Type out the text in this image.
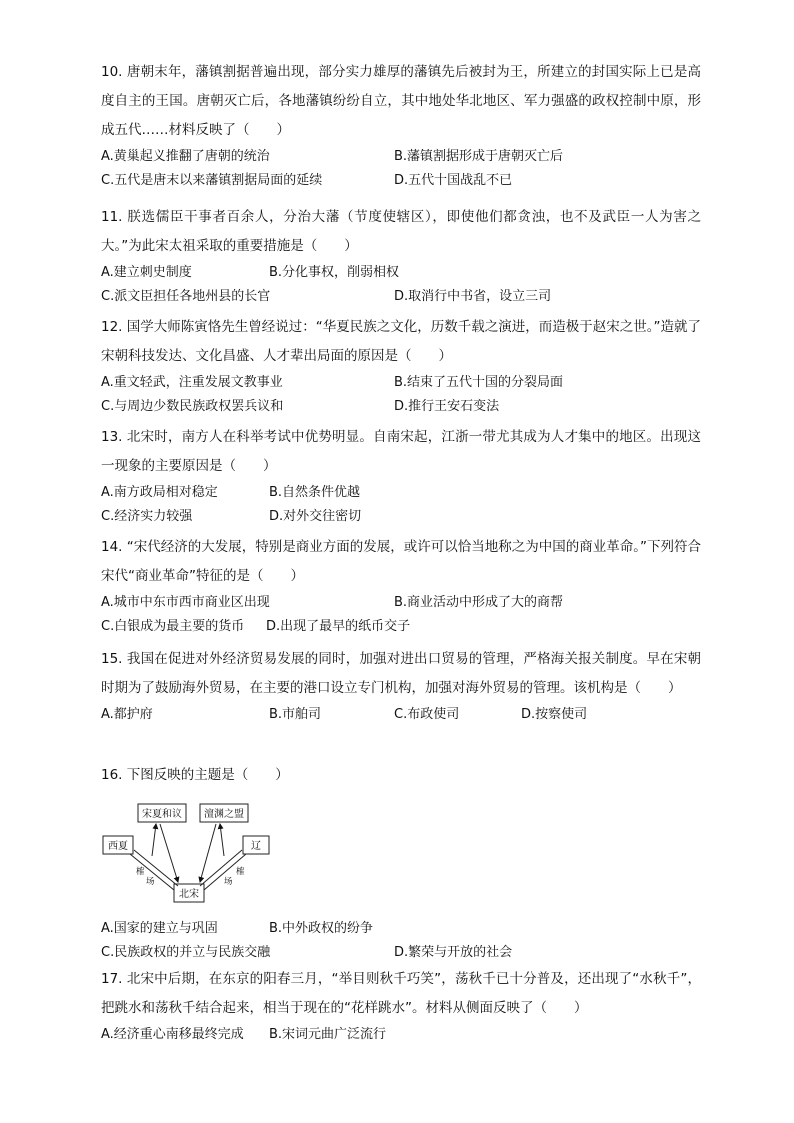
10. 唐朝末年，藩镇割据普遍出现，部分实力雄厚的藩镇先后被封为王，所建立的封国实际上已是高度自主的王国。唐朝灭亡后，各地藩镇纷纷自立，其中地处华北地区、军力强盛的政权控制中原，形成五代……材料反映了（　　）

A.黄巢起义推翻了唐朝的统治	B.藩镇割据形成于唐朝灭亡后
C.五代是唐末以来藩镇割据局面的延续	D.五代十国战乱不已

11. 朕选儒臣干事者百余人，分治大藩（节度使辖区），即使他们都贪浊，也不及武臣一人为害之大。”为此宋太祖采取的重要措施是（　　）

A.建立刺史制度	B.分化事权，削弱相权
C.派文臣担任各地州县的长官	D.取消行中书省，设立三司

12. 国学大师陈寅恪先生曾经说过：“华夏民族之文化，历数千载之演进，而造极于赵宋之世。”造就了宋朝科技发达、文化昌盛、人才辈出局面的原因是（　　）

A.重文轻武，注重发展文教事业	B.结束了五代十国的分裂局面
C.与周边少数民族政权罢兵议和	D.推行王安石变法

13. 北宋时，南方人在科举考试中优势明显。自南宋起，江浙一带尤其成为人才集中的地区。出现这一现象的主要原因是（　　）

A.南方政局相对稳定	B.自然条件优越
C.经济实力较强	D.对外交往密切

14. “宋代经济的大发展，特别是商业方面的发展，或许可以恰当地称之为中国的商业革命。”下列符合宋代“商业革命”特征的是（　　）

A.城市中东市西市商业区出现	B.商业活动中形成了大的商帮
C.白银成为最主要的货币 D.出现了最早的纸币交子

15. 我国在促进对外经济贸易发展的同时，加强对进出口贸易的管理，严格海关报关制度。早在宋朝时期为了鼓励海外贸易，在主要的港口设立专门机构，加强对海外贸易的管理。该机构是（　　）

A.都护府	B.市舶司	C.布政使司	D.按察使司

16. 下图反映的主题是（　　）

宋夏和议 澶渊之盟
西夏	辽
北宋
榷
场
榷
场
A.国家的建立与巩固	B.中外政权的纷争
C.民族政权的并立与民族交融	D.繁荣与开放的社会

17. 北宋中后期，在东京的阳春三月，“举目则秋千巧笑”，荡秋千已十分普及，还出现了“水秋千”，把跳水和荡秋千结合起来，相当于现在的“花样跳水”。材料从侧面反映了（　　）

A.经济重心南移最终完成 B.宋词元曲广泛流行
